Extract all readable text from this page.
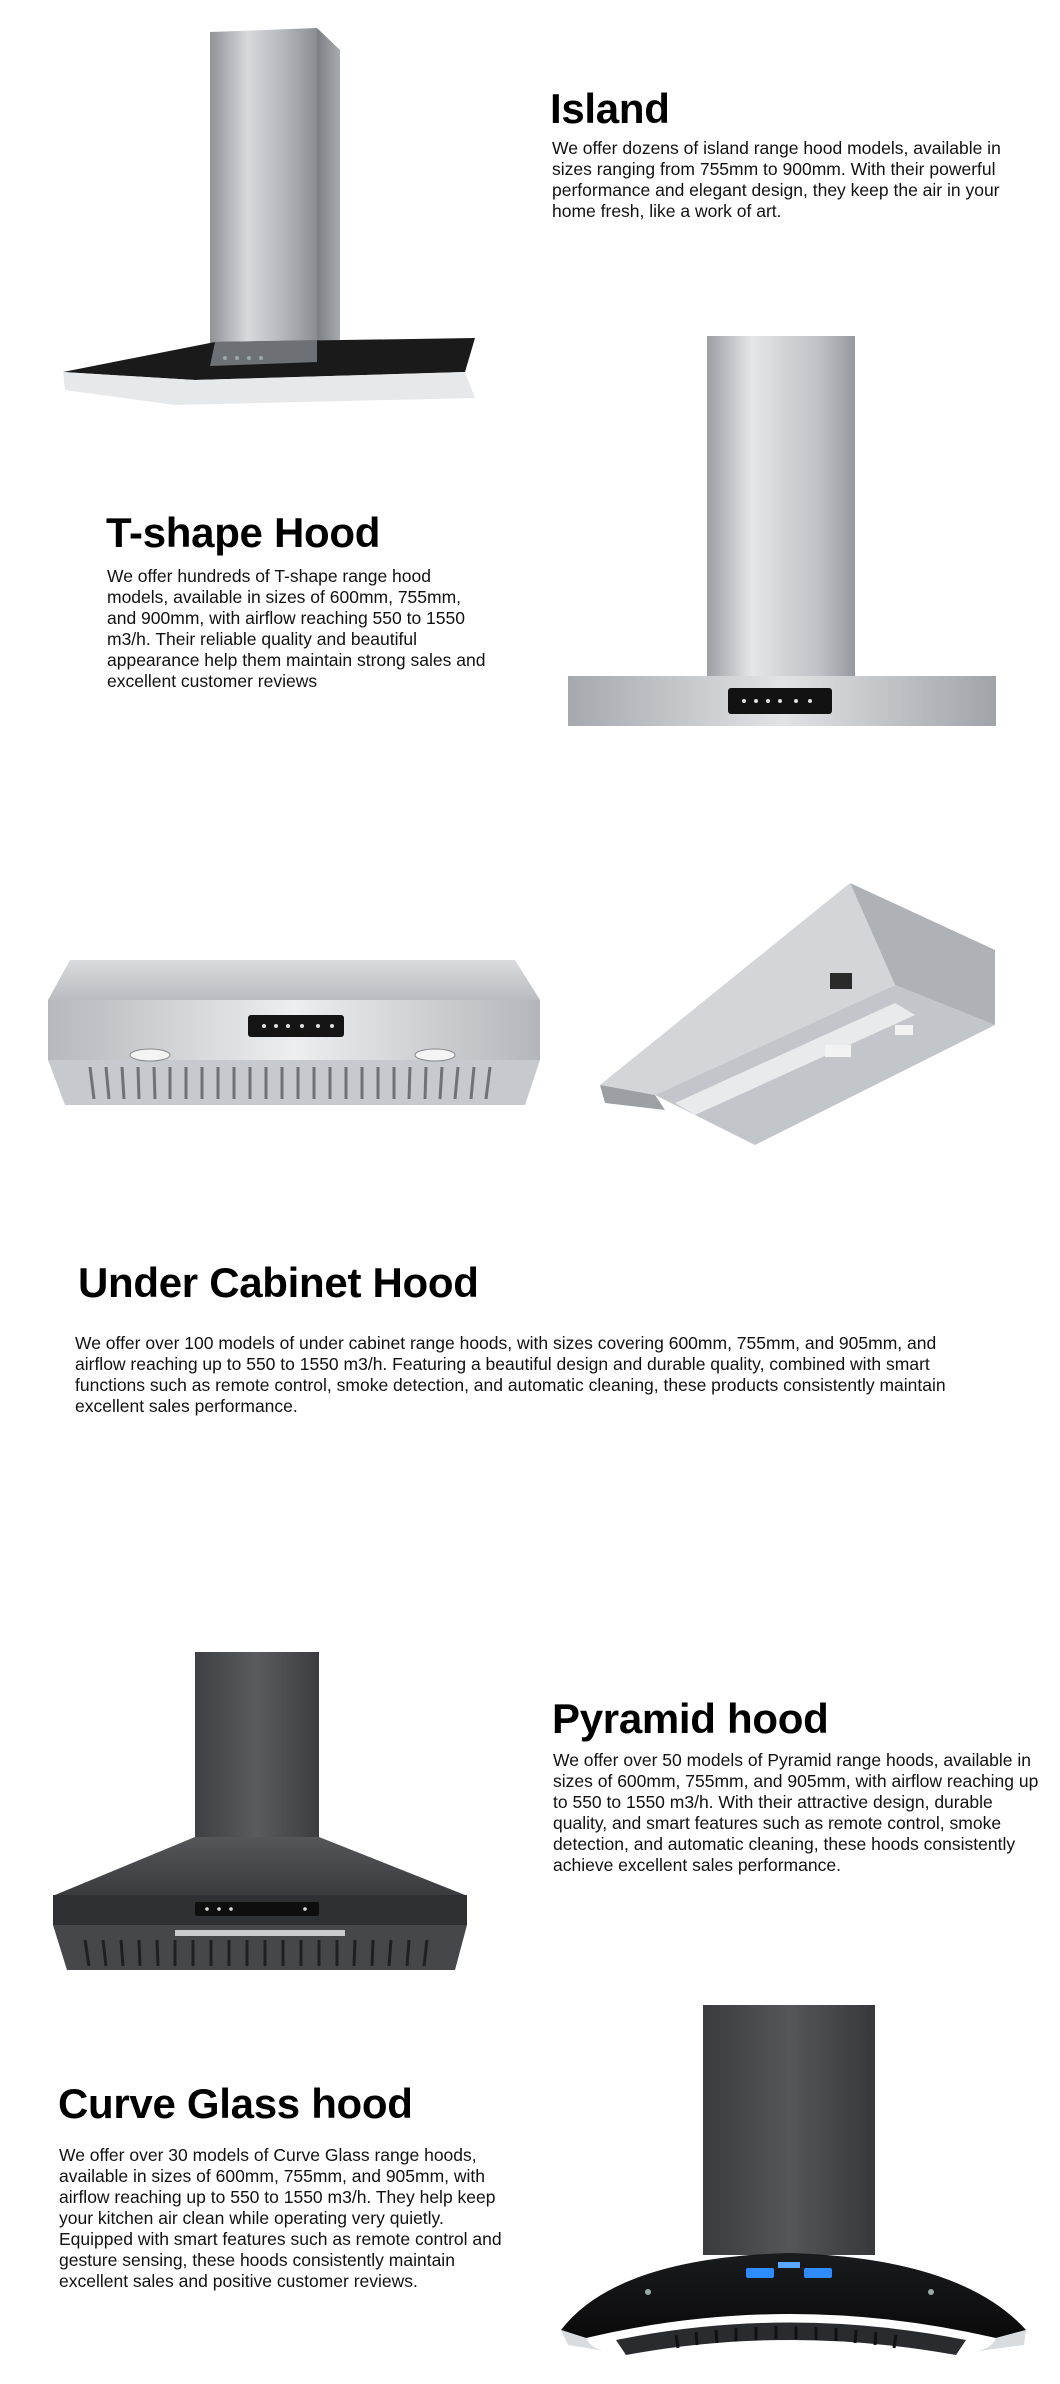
Island
We offer dozens of island range hood models, available in sizes ranging from 755mm to 900mm. With their powerful performance and elegant design, they keep the air in your home fresh, like a work of art.
T-shape Hood
We offer hundreds of T-shape range hood models, available in sizes of 600mm, 755mm, and 900mm, with airflow reaching 550 to 1550 m3/h. Their reliable quality and beautiful appearance help them maintain strong sales and excellent customer reviews
Under Cabinet Hood
We offer over 100 models of under cabinet range hoods, with sizes covering 600mm, 755mm, and 905mm, and airflow reaching up to 550 to 1550 m3/h. Featuring a beautiful design and durable quality, combined with smart functions such as remote control, smoke detection, and automatic cleaning, these products consistently maintain excellent sales performance.
Pyramid hood
We offer over 50 models of Pyramid range hoods, available in sizes of 600mm, 755mm, and 905mm, with airflow reaching up to 550 to 1550 m3/h. With their attractive design, durable quality, and smart features such as remote control, smoke detection, and automatic cleaning, these hoods consistently achieve excellent sales performance.
Curve Glass hood
We offer over 30 models of Curve Glass range hoods, available in sizes of 600mm, 755mm, and 905mm, with airflow reaching up to 550 to 1550 m3/h. They help keep your kitchen air clean while operating very quietly. Equipped with smart features such as remote control and gesture sensing, these hoods consistently maintain excellent sales and positive customer reviews.
